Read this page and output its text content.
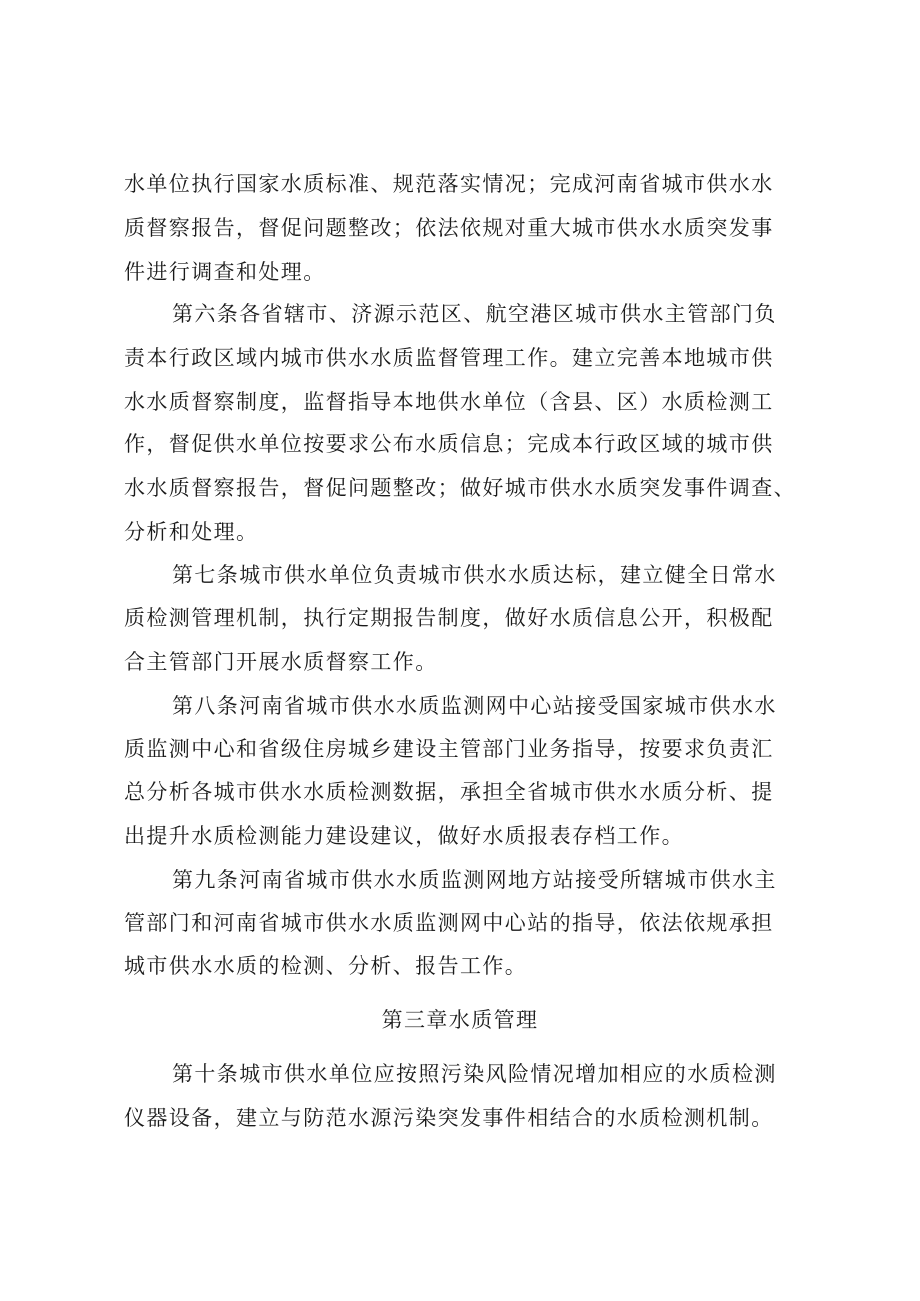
水单位执行国家水质标准、规范落实情况；完成河南省城市供水水
质督察报告，督促问题整改；依法依规对重大城市供水水质突发事
件进行调查和处理。
第六条各省辖市、济源示范区、航空港区城市供水主管部门负
责本行政区域内城市供水水质监督管理工作。建立完善本地城市供
水水质督察制度，监督指导本地供水单位（含县、区）水质检测工
作，督促供水单位按要求公布水质信息；完成本行政区域的城市供
水水质督察报告，督促问题整改；做好城市供水水质突发事件调查、
分析和处理。
第七条城市供水单位负责城市供水水质达标，建立健全日常水
质检测管理机制，执行定期报告制度，做好水质信息公开，积极配
合主管部门开展水质督察工作。
第八条河南省城市供水水质监测网中心站接受国家城市供水水
质监测中心和省级住房城乡建设主管部门业务指导，按要求负责汇
总分析各城市供水水质检测数据，承担全省城市供水水质分析、提
出提升水质检测能力建设建议，做好水质报表存档工作。
第九条河南省城市供水水质监测网地方站接受所辖城市供水主
管部门和河南省城市供水水质监测网中心站的指导，依法依规承担
城市供水水质的检测、分析、报告工作。
第三章水质管理
第十条城市供水单位应按照污染风险情况增加相应的水质检测
仪器设备，建立与防范水源污染突发事件相结合的水质检测机制。
